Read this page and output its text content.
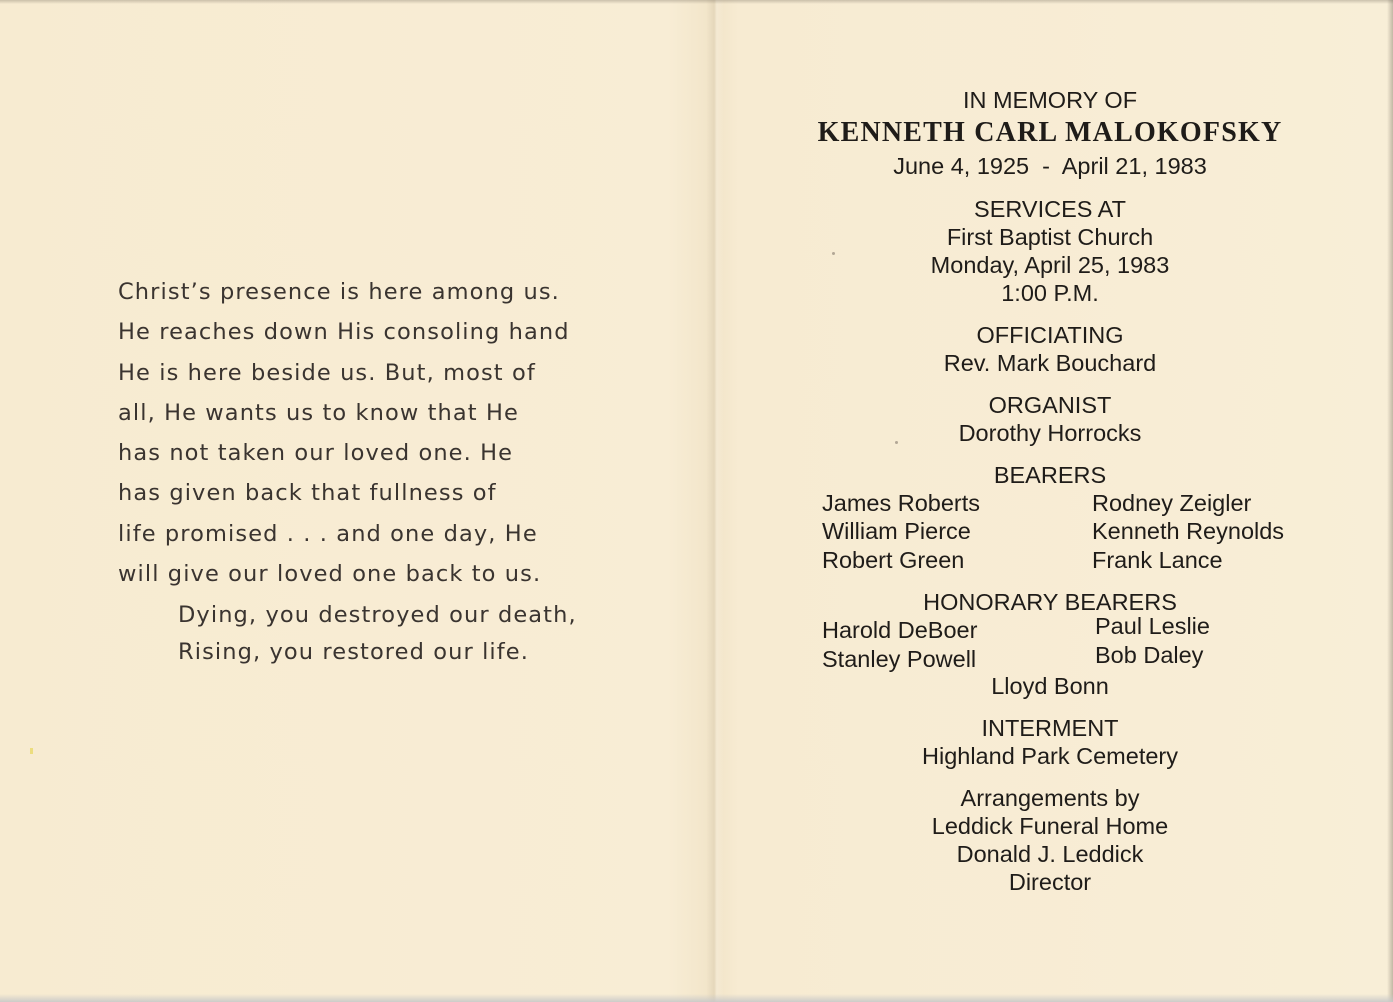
Christ’s presence is here among us.
He reaches down His consoling hand
He is here beside us. But, most of
all, He wants us to know that He
has not taken our loved one. He
has given back that fullness of
life promised . . . and one day, He
will give our loved one back to us.
Dying, you destroyed our death,
Rising, you restored our life.
IN MEMORY OF
KENNETH CARL MALOKOFSKY
June 4, 1925  -  April 21, 1983
SERVICES AT
First Baptist Church
Monday, April 25, 1983
1:00 P.M.
OFFICIATING
Rev. Mark Bouchard
ORGANIST
Dorothy Horrocks
BEARERS
James Roberts
William Pierce
Robert Green
Rodney Zeigler
Kenneth Reynolds
Frank Lance
HONORARY BEARERS
Harold DeBoer
Stanley Powell
Paul Leslie
Bob Daley
Lloyd Bonn
INTERMENT
Highland Park Cemetery
Arrangements by
Leddick Funeral Home
Donald J. Leddick
Director
